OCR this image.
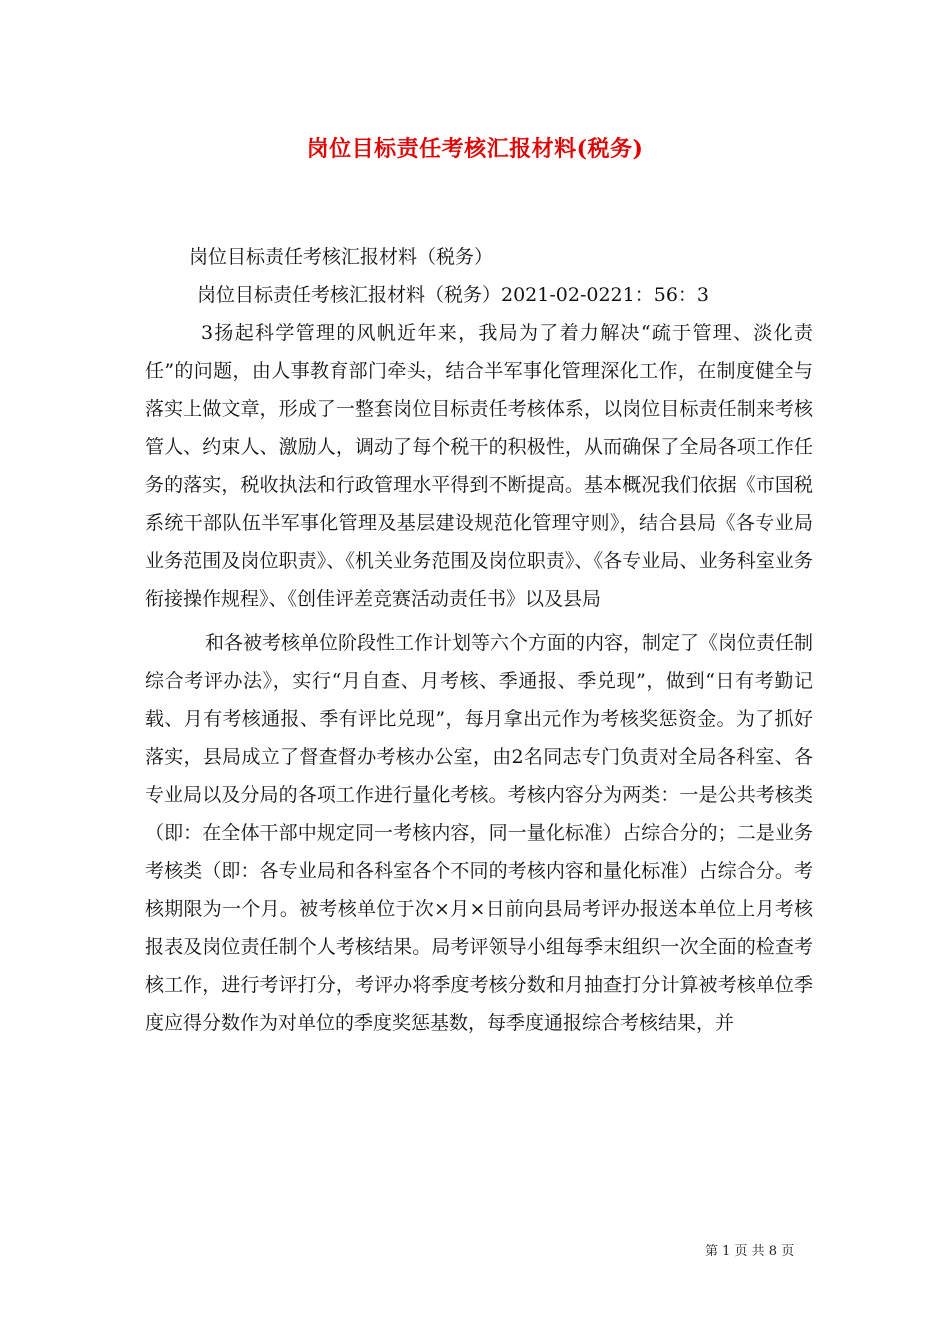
岗位目标责任考核汇报材料(税务)

岗位目标责任考核汇报材料（税务）

岗位目标责任考核汇报材料（税务）2021-02-0221：56：3

3扬起科学管理的风帆近年来，我局为了着力解决“疏于管理、淡化责任”的问题，由人事教育部门牵头，结合半军事化管理深化工作，在制度健全与落实上做文章，形成了一整套岗位目标责任考核体系，以岗位目标责任制来考核管人、约束人、激励人，调动了每个税干的积极性，从而确保了全局各项工作任务的落实，税收执法和行政管理水平得到不断提高。基本概况我们依据《市国税系统干部队伍半军事化管理及基层建设规范化管理守则》，结合县局《各专业局业务范围及岗位职责》、《机关业务范围及岗位职责》、《各专业局、业务科室业务衔接操作规程》、《创佳评差竞赛活动责任书》以及县局

和各被考核单位阶段性工作计划等六个方面的内容，制定了《岗位责任制综合考评办法》，实行“月自查、月考核、季通报、季兑现”，做到“日有考勤记载、月有考核通报、季有评比兑现”，每月拿出元作为考核奖惩资金。为了抓好落实，县局成立了督查督办考核办公室，由2名同志专门负责对全局各科室、各专业局以及分局的各项工作进行量化考核。考核内容分为两类：一是公共考核类（即：在全体干部中规定同一考核内容，同一量化标准）占综合分的；二是业务考核类（即：各专业局和各科室各个不同的考核内容和量化标准）占综合分。考核期限为一个月。被考核单位于次×月×日前向县局考评办报送本单位上月考核报表及岗位责任制个人考核结果。局考评领导小组每季末组织一次全面的检查考核工作，进行考评打分，考评办将季度考核分数和月抽查打分计算被考核单位季度应得分数作为对单位的季度奖惩基数，每季度通报综合考核结果，并

第 1 页 共 8 页
